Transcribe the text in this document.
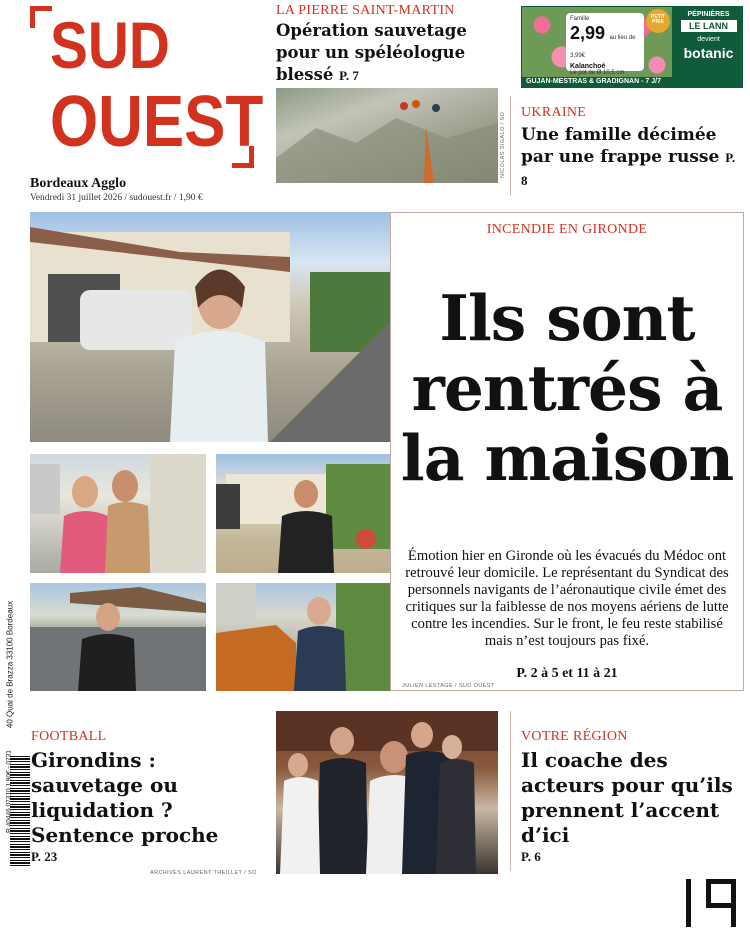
SUD
OUEST
Bordeaux Agglo
Vendredi 31 juillet 2026 / sudouest.fr / 1,90 €
LA PIERRE SAINT-MARTIN
Opération sauvetage pour un spéléologue blessé P. 7
NICOLAS SIGALO / SO
Famille
2,99 au lieu de 3,99€
Kalanchoé
Le pot de Ø 10,5 cm
PETIT PRIX
GUJAN-MESTRAS & GRADIGNAN - 7 J/7
PÉPINIÈRES
LE LANN
devient
botanic
UKRAINE
Une famille décimée par une frappe russe P. 8
INCENDIE EN GIRONDE
Ils sont
rentrés à
la maison
Émotion hier en Gironde où les évacués du Médoc ont retrouvé leur domicile. Le représentant du Syndicat des personnels navigants de l’aéronautique civile émet des critiques sur la faiblesse de nos moyens aériens de lutte contre les incendies. Sur le front, le feu reste stabilisé mais n’est toujours pas fixé.
P. 2 à 5 et 11 à 21
JULIEN LESTAGE / SUD OUEST
FOOTBALL
Girondins : sauvetage ou liquidation ? Sentence proche
P. 23
ARCHIVES LAURENT THEILLET / SO
VOTRE RÉGION
Il coache des acteurs pour qu’ils prennent l’accent d’ici
P. 6
40 Quai de Brazza 33100 Bordeaux
R 40446 07310 1 90€ - 0731
